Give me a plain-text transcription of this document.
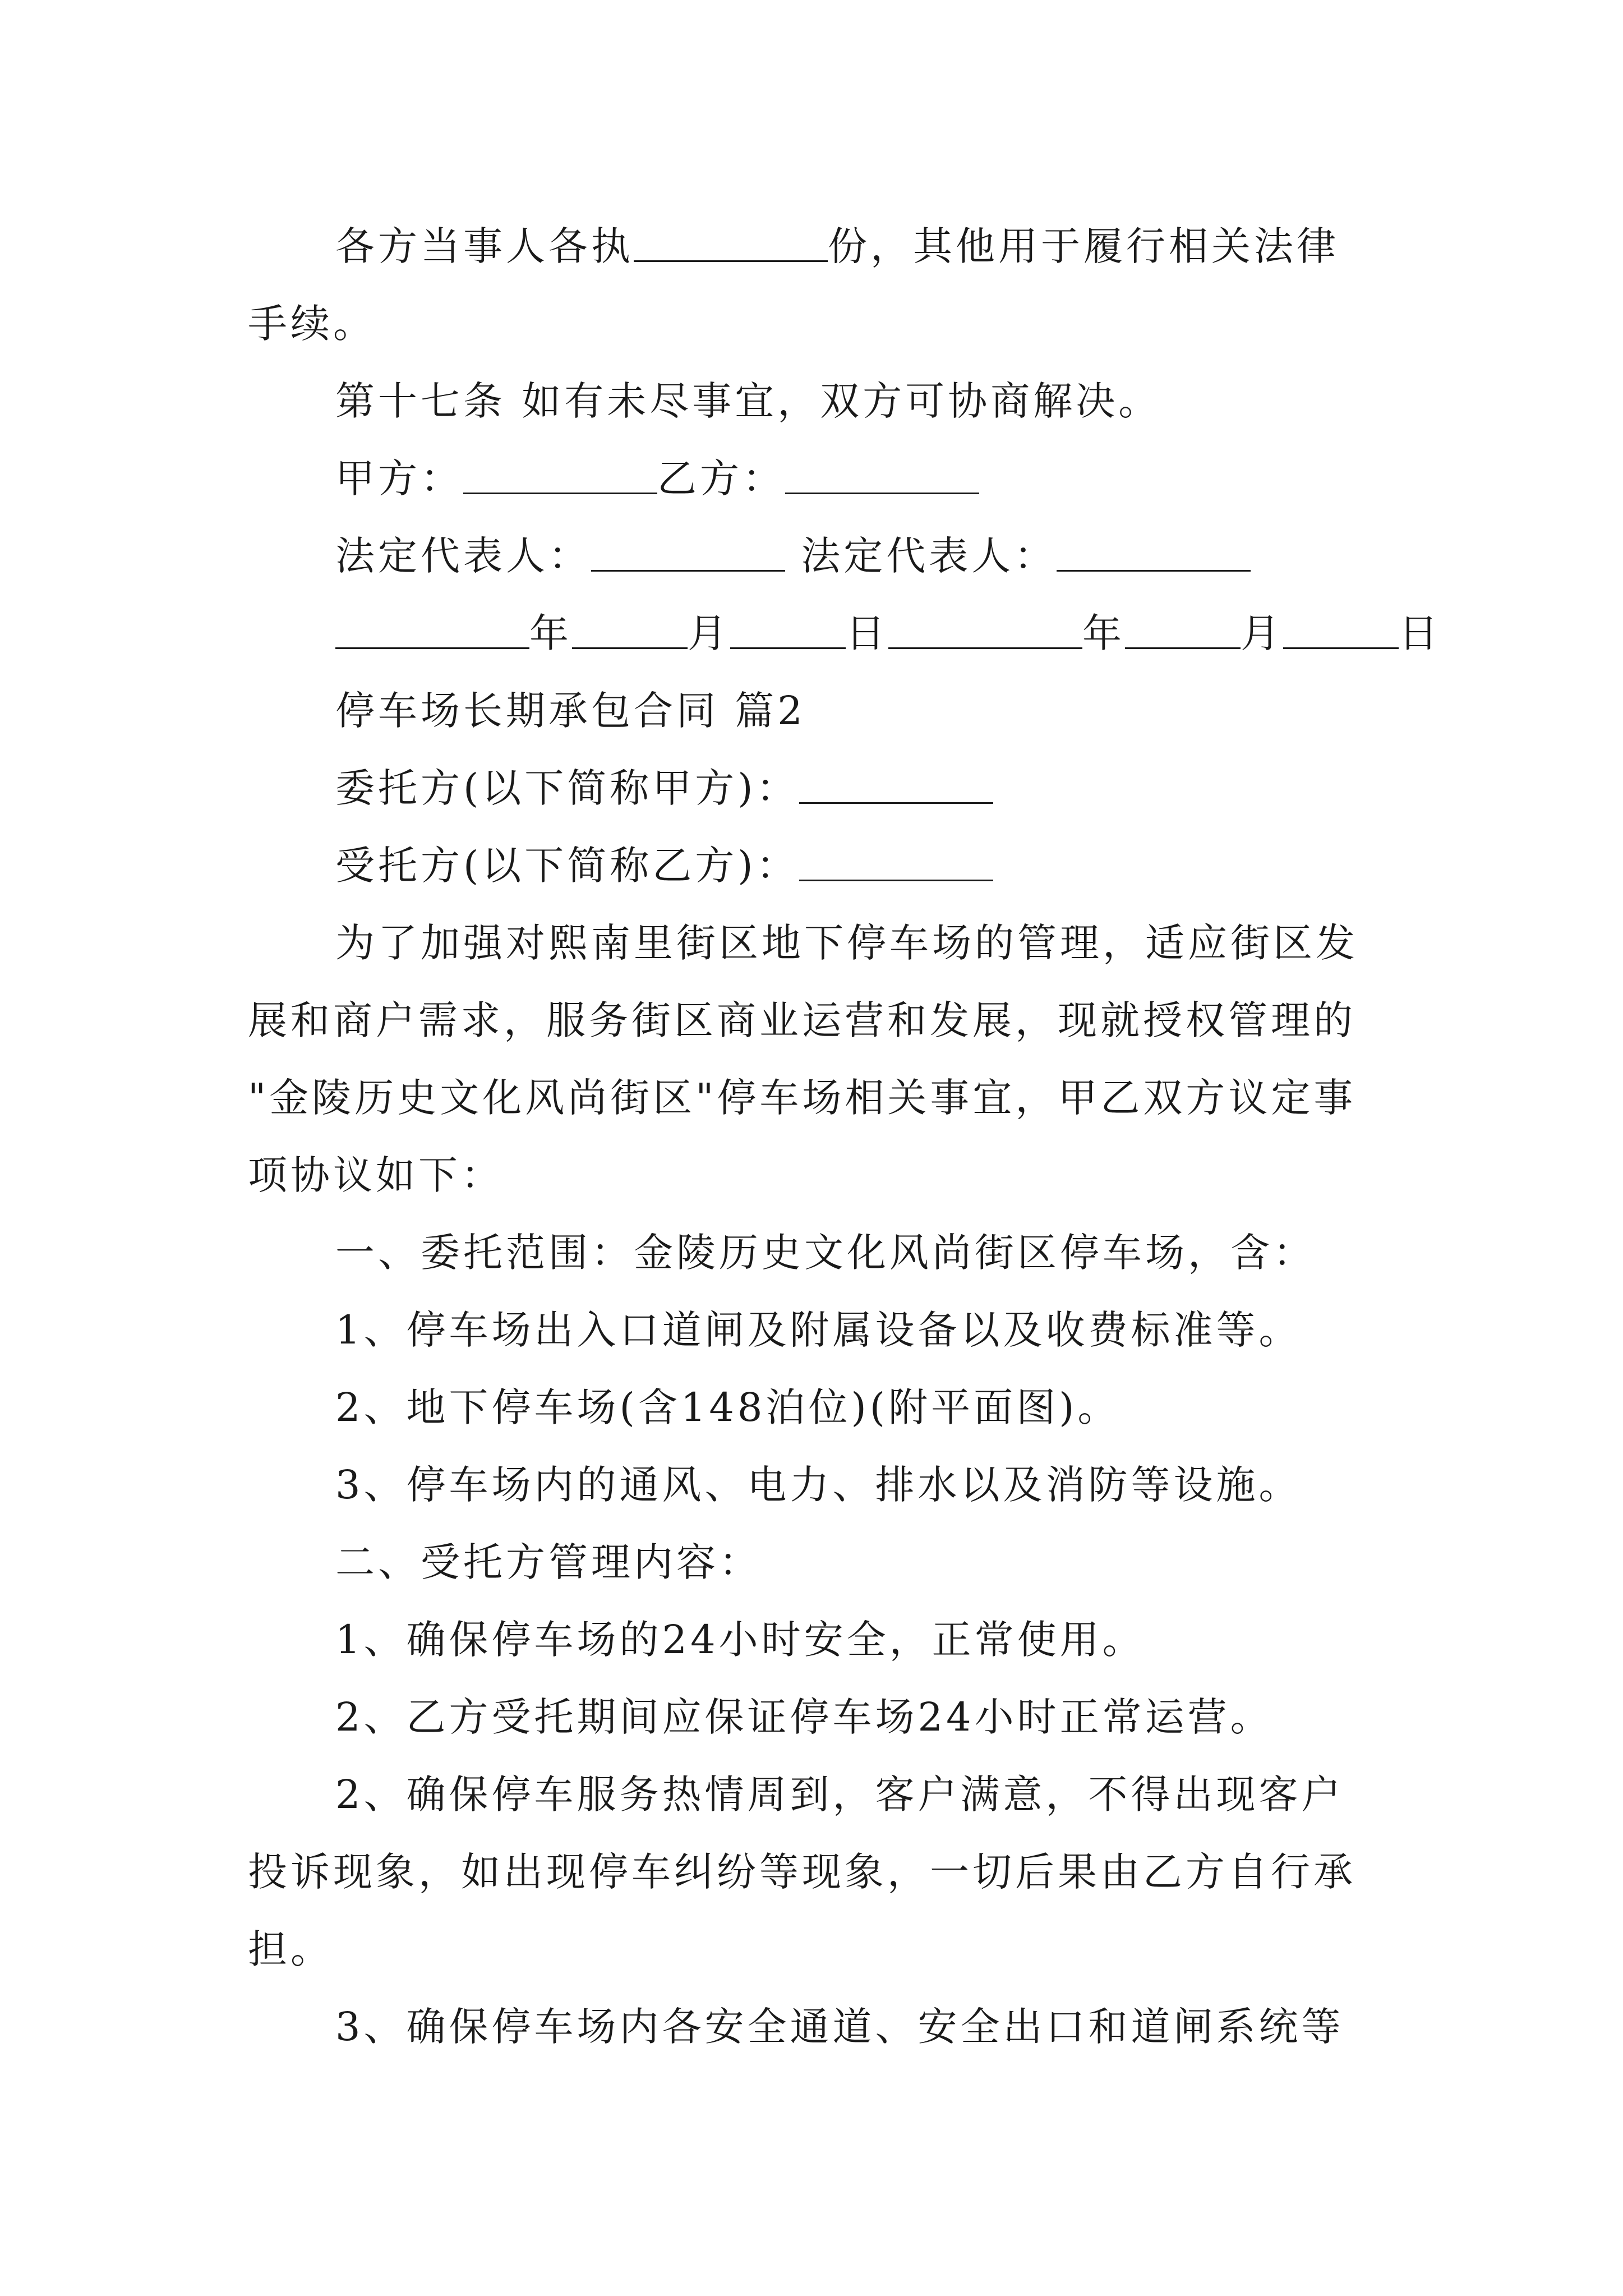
各方当事人各执	份，其他用于履行相关法律
手续。
第十七条 如有未尽事宜，双方可协商解决。
甲方：	乙方：
法定代表人：	法定代表人：
年	月	日	年	月	日
停车场长期承包合同 篇2
委托方(以下简称甲方)：
受托方(以下简称乙方)：
为了加强对熙南里街区地下停车场的管理，适应街区发
展和商户需求，服务街区商业运营和发展，现就授权管理的
"金陵历史文化风尚街区"停车场相关事宜，甲乙双方议定事
项协议如下：
一、委托范围：金陵历史文化风尚街区停车场，含：
1、停车场出入口道闸及附属设备以及收费标准等。
2、地下停车场(含148泊位)(附平面图)。
3、停车场内的通风、电力、排水以及消防等设施。
二、受托方管理内容：
1、确保停车场的24小时安全，正常使用。
2、乙方受托期间应保证停车场24小时正常运营。
2、确保停车服务热情周到，客户满意，不得出现客户
投诉现象，如出现停车纠纷等现象，一切后果由乙方自行承
担。
3、确保停车场内各安全通道、安全出口和道闸系统等
